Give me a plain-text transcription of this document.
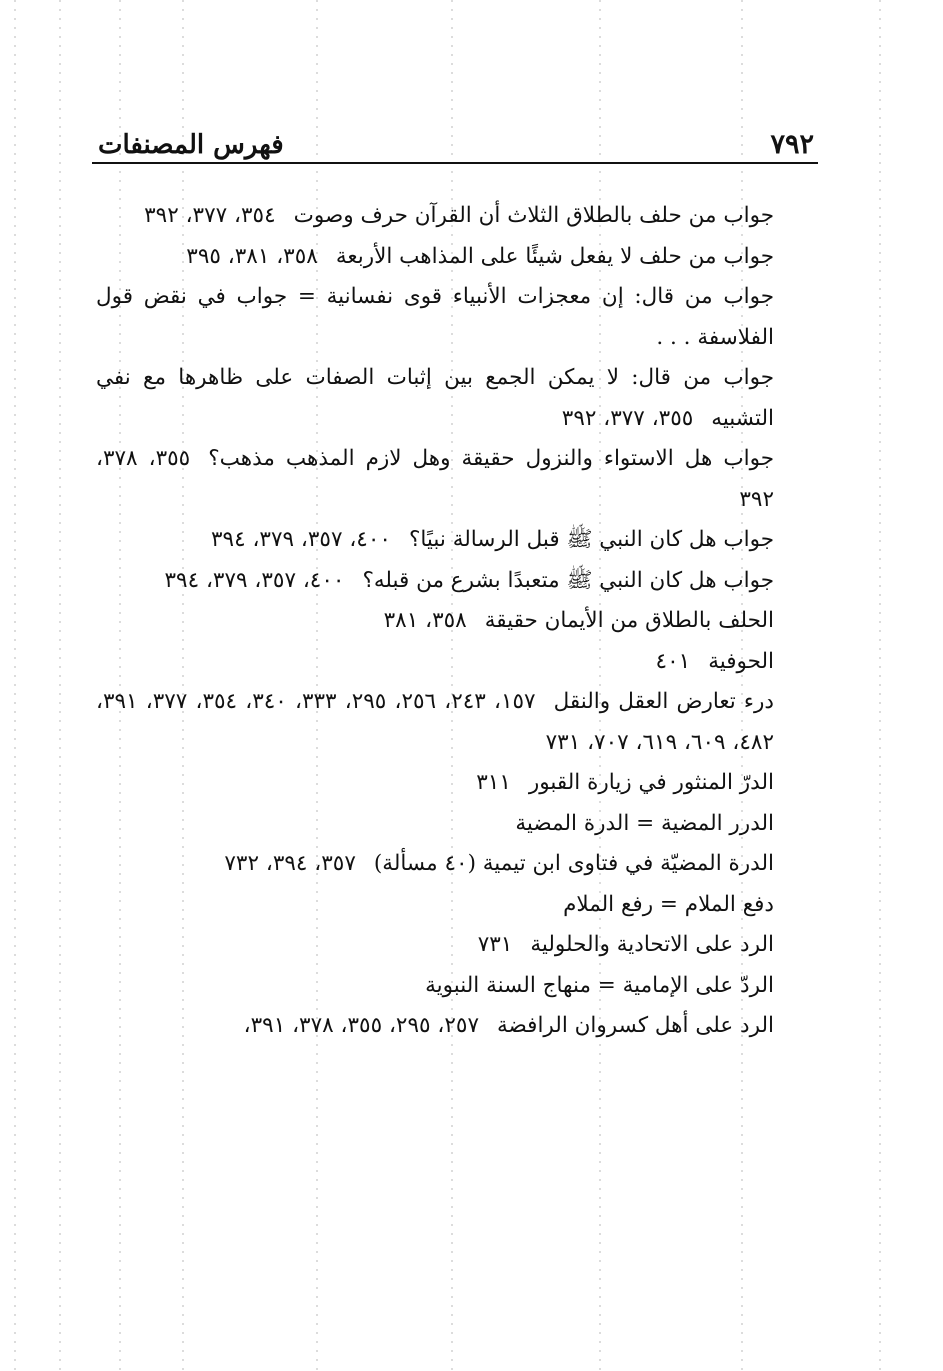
٧٩٢
فهرس المصنفات

جواب من حلف بالطلاق الثلاث أن القرآن حرف وصوت٣٥٤، ٣٧٧، ٣٩٢

جواب من حلف لا يفعل شيئًا على المذاهب الأربعة٣٥٨، ٣٨١، ٣٩٥

جواب من قال: إن معجزات الأنبياء قوى نفسانية = جواب في نقض قول الفلاسفة . . .

جواب من قال: لا يمكن الجمع بين إثبات الصفات على ظاهرها مع نفي التشبيه٣٥٥، ٣٧٧، ٣٩٢

جواب هل الاستواء والنزول حقيقة وهل لازم المذهب مذهب؟٣٥٥، ٣٧٨، ٣٩٢

جواب هل كان النبي ﷺ قبل الرسالة نبيًا؟٤٠٠، ٣٥٧، ٣٧٩، ٣٩٤

جواب هل كان النبي ﷺ متعبدًا بشرع من قبله؟٤٠٠، ٣٥٧، ٣٧٩، ٣٩٤

الحلف بالطلاق من الأيمان حقيقة٣٥٨، ٣٨١

الحوفية٤٠١

درء تعارض العقل والنقل١٥٧، ٢٤٣، ٢٥٦، ٢٩٥، ٣٣٣، ٣٤٠، ٣٥٤، ٣٧٧، ٣٩١، ٤٨٢، ٦٠٩، ٦١٩، ٧٠٧، ٧٣١

الدرّ المنثور في زيارة القبور٣١١

الدرر المضية = الدرة المضية

الدرة المضيّة في فتاوى ابن تيمية (٤٠ مسألة)٣٥٧، ٣٩٤، ٧٣٢

دفع الملام = رفع الملام

الرد على الاتحادية والحلولية٧٣١

الردّ على الإمامية = منهاج السنة النبوية

الرد على أهل كسروان الرافضة٢٥٧، ٢٩٥، ٣٥٥، ٣٧٨، ٣٩١،
